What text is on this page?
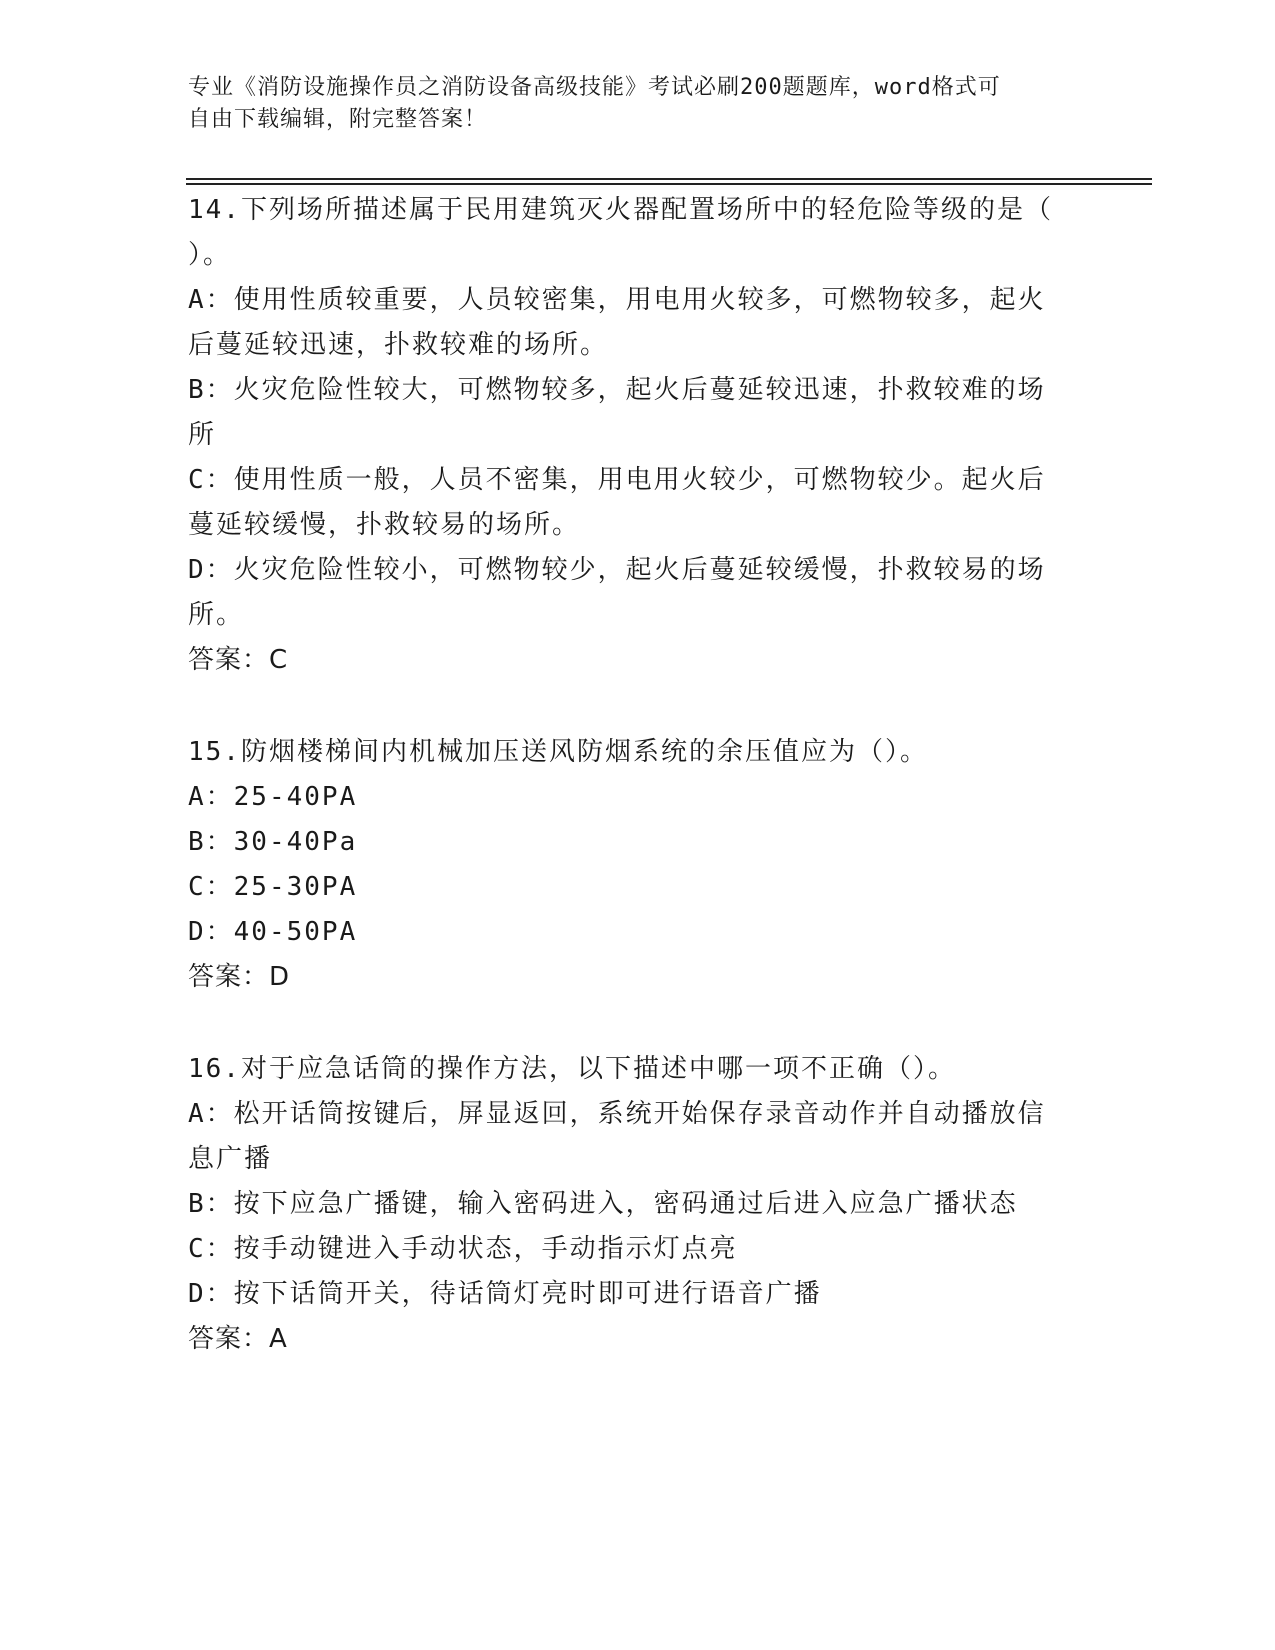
专业《消防设施操作员之消防设备高级技能》考试必刷200题题库，word格式可
自由下载编辑，附完整答案！

14.下列场所描述属于民用建筑灭火器配置场所中的轻危险等级的是（

）。

A：使用性质较重要，人员较密集，用电用火较多，可燃物较多，起火

后蔓延较迅速，扑救较难的场所。

B：火灾危险性较大，可燃物较多，起火后蔓延较迅速，扑救较难的场

所

C：使用性质一般，人员不密集，用电用火较少，可燃物较少。起火后

蔓延较缓慢，扑救较易的场所。

D：火灾危险性较小，可燃物较少，起火后蔓延较缓慢，扑救较易的场

所。

答案：C

15.防烟楼梯间内机械加压送风防烟系统的余压值应为（）。

A：25-40PA

B：30-40Pa

C：25-30PA

D：40-50PA

答案：D

16.对于应急话筒的操作方法，以下描述中哪一项不正确（）。

A：松开话筒按键后，屏显返回，系统开始保存录音动作并自动播放信

息广播

B：按下应急广播键，输入密码进入，密码通过后进入应急广播状态

C：按手动键进入手动状态，手动指示灯点亮

D：按下话筒开关，待话筒灯亮时即可进行语音广播

答案：A
